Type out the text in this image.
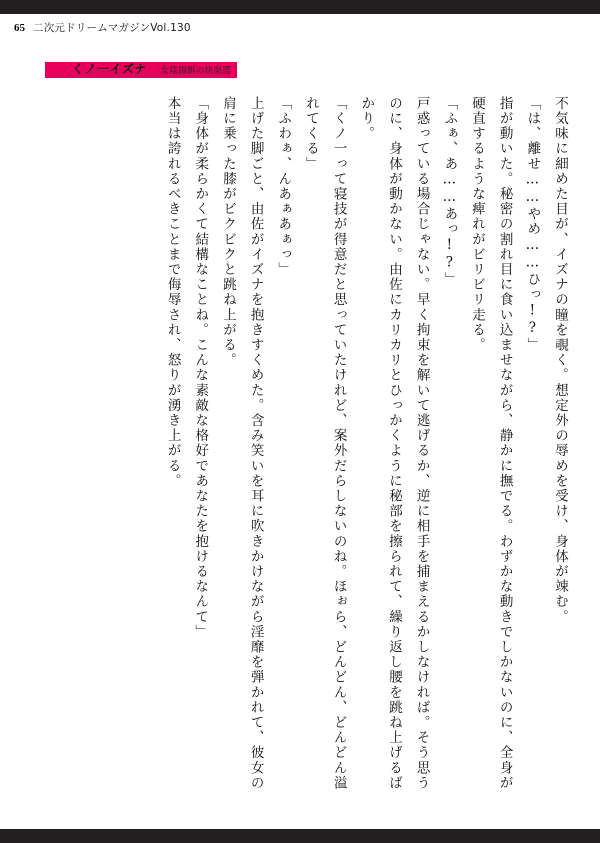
65 二次元ドリームマガジンVol.130
くノ一イズナ 女陰揚餌の快楽罠

不気味に細めた目が、イズナの瞳を覗く。想定外の辱めを受け、身体が竦む。

「は、離せ……やめ……ひっ!?」

指が動いた。秘密の割れ目に食い込ませながら、静かに撫でる。わずかな動きでしかないのに、全身が硬直するような痺れがビリビリ走る。

「ふぁ、あ……あっ!?」

戸惑っている場合じゃない。早く拘束を解いて逃げるか、逆に相手を捕まえるかしなければ。そう思うのに、身体が動かない。由佐にカリカリとひっかくように秘部を擦られて、繰り返し腰を跳ね上げるばかり。

「くノ一って寝技が得意だと思っていたけれど、案外だらしないのね。ほぉら、どんどん、どんどん溢れてくる」

「ふわぁ、んあぁあぁっ」

上げた脚ごと、由佐がイズナを抱きすくめた。含み笑いを耳に吹きかけながら淫靡を弾かれて、彼女の肩に乗った膝がビクビクと跳ね上がる。

「身体が柔らかくて結構なことね。こんな素敵な格好であなたを抱けるなんて」

本当は誇れるべきことまで侮辱され、怒りが湧き上がる。
